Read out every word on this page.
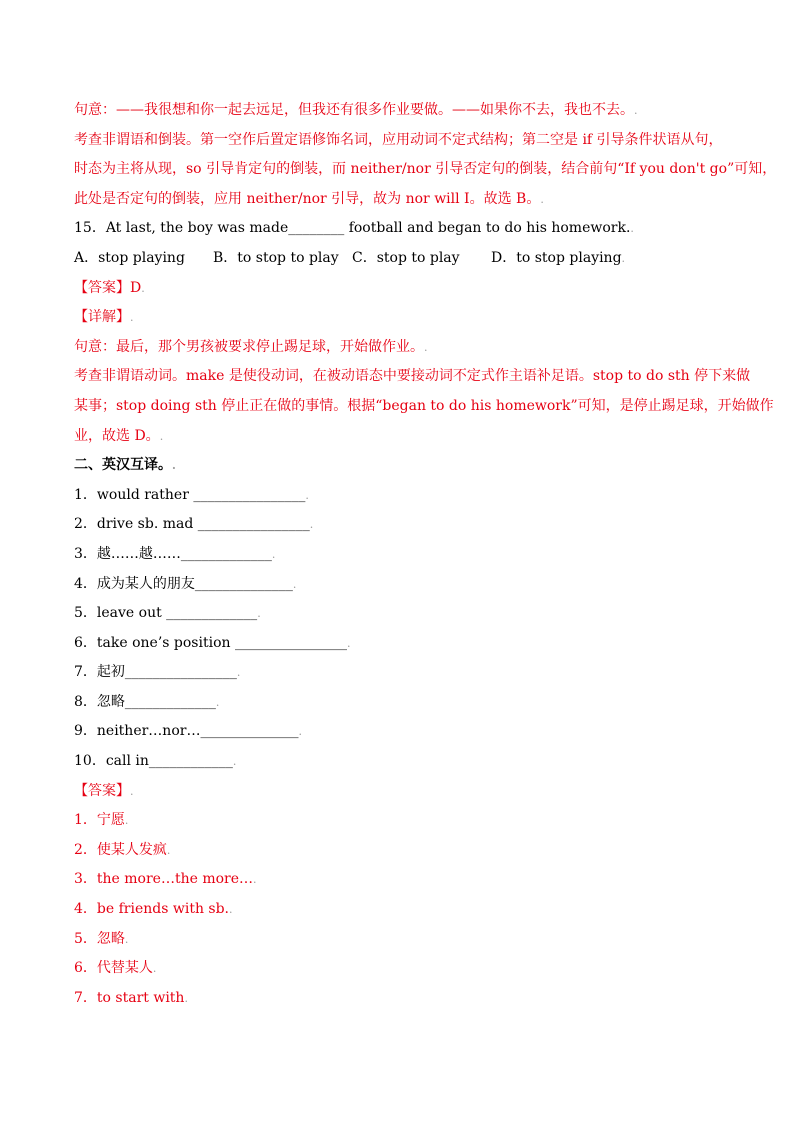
句意：——我很想和你一起去远足，但我还有很多作业要做。——如果你不去，我也不去。.
考查非谓语和倒装。第一空作后置定语修饰名词，应用动词不定式结构；第二空是 if 引导条件状语从句，
时态为主将从现，so 引导肯定句的倒装，而 neither/nor 引导否定句的倒装，结合前句“If you don't go”可知，
此处是否定句的倒装，应用 neither/nor 引导，故为 nor will I。故选 B。.
15．At last, the boy was made________ football and began to do his homework..
A．stop playing	B．to stop to play C．stop to play	D．to stop playing.
【答案】D.
【详解】.
句意：最后，那个男孩被要求停止踢足球，开始做作业。.
考查非谓语动词。make 是使役动词，在被动语态中要接动词不定式作主语补足语。stop to do sth 停下来做
某事；stop doing sth 停止正在做的事情。根据“began to do his homework”可知，是停止踢足球，开始做作
业，故选 D。.
二、英汉互译。.
1．would rather ________________.
2．drive sb. mad ________________.
3．越……越……_____________.
4．成为某人的朋友______________.
5．leave out _____________.
6．take one’s position ________________.
7．起初________________.
8．忽略_____________.
9．neither…nor…______________.
10．call in____________.
【答案】.
1．宁愿.
2．使某人发疯.
3．the more…the more….
4．be friends with sb..
5．忽略.
6．代替某人.
7．to start with.
